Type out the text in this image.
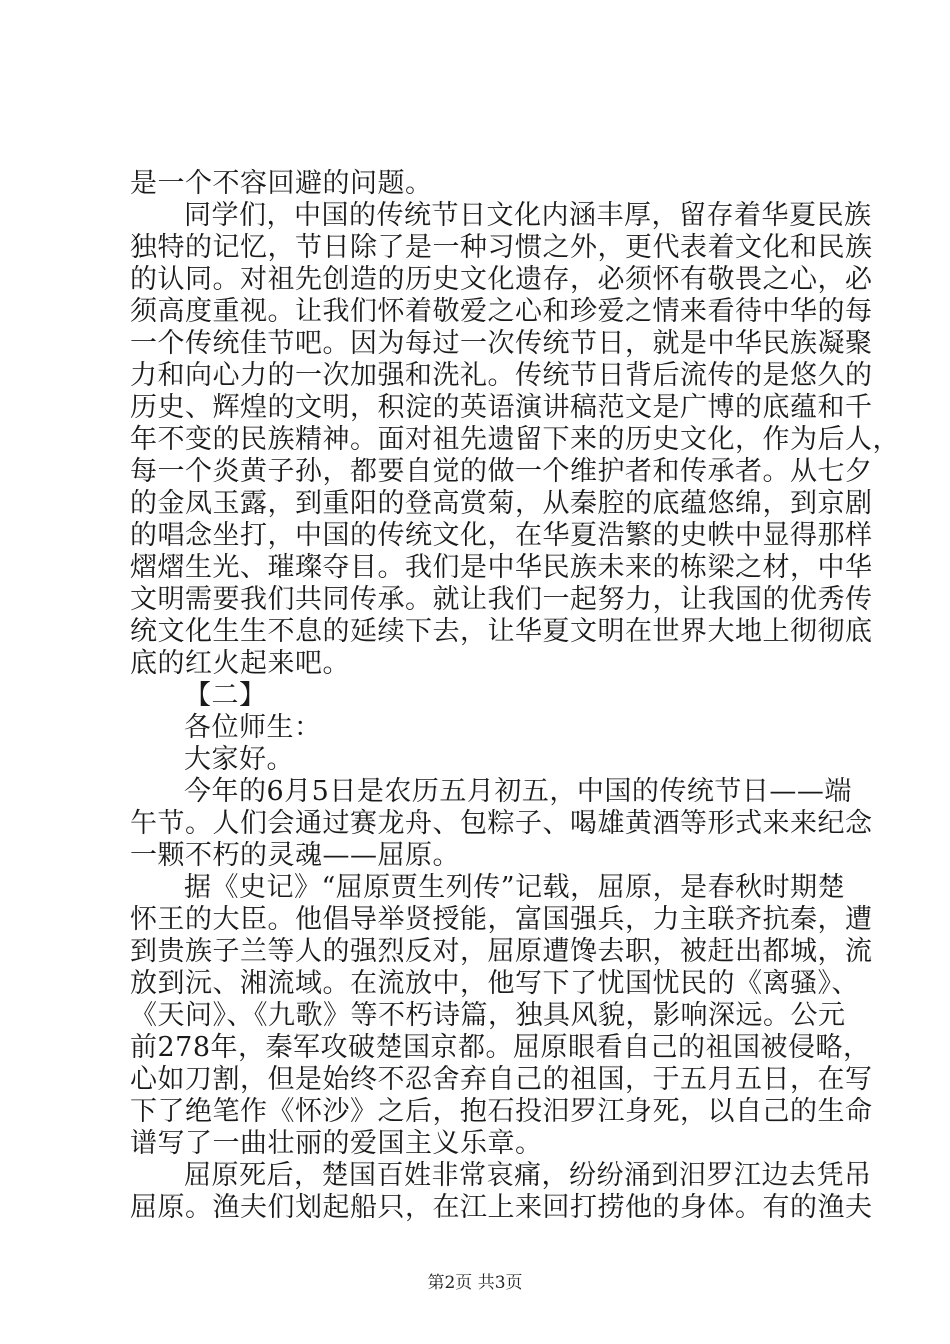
是一个不容回避的问题。
同学们，中国的传统节日文化内涵丰厚，留存着华夏民族
独特的记忆，节日除了是一种习惯之外，更代表着文化和民族
的认同。对祖先创造的历史文化遗存，必须怀有敬畏之心，必
须高度重视。让我们怀着敬爱之心和珍爱之情来看待中华的每
一个传统佳节吧。因为每过一次传统节日，就是中华民族凝聚
力和向心力的一次加强和洗礼。传统节日背后流传的是悠久的
历史、辉煌的文明，积淀的英语演讲稿范文是广博的底蕴和千
年不变的民族精神。面对祖先遗留下来的历史文化，作为后人，
每一个炎黄子孙，都要自觉的做一个维护者和传承者。从七夕
的金凤玉露，到重阳的登高赏菊，从秦腔的底蕴悠绵，到京剧
的唱念坐打，中国的传统文化，在华夏浩繁的史帙中显得那样
熠熠生光、璀璨夺目。我们是中华民族未来的栋梁之材，中华
文明需要我们共同传承。就让我们一起努力，让我国的优秀传
统文化生生不息的延续下去，让华夏文明在世界大地上彻彻底
底的红火起来吧。
【二】
各位师生：
大家好。
今年的6月5日是农历五月初五，中国的传统节日——端
午节。人们会通过赛龙舟、包粽子、喝雄黄酒等形式来来纪念
一颗不朽的灵魂——屈原。
据《史记》“屈原贾生列传”记载，屈原，是春秋时期楚
怀王的大臣。他倡导举贤授能，富国强兵，力主联齐抗秦，遭
到贵族子兰等人的强烈反对，屈原遭馋去职，被赶出都城，流
放到沅、湘流域。在流放中，他写下了忧国忧民的《离骚》、
《天问》、《九歌》等不朽诗篇，独具风貌，影响深远。公元
前278年，秦军攻破楚国京都。屈原眼看自己的祖国被侵略，
心如刀割，但是始终不忍舍弃自己的祖国，于五月五日，在写
下了绝笔作《怀沙》之后，抱石投汨罗江身死，以自己的生命
谱写了一曲壮丽的爱国主义乐章。
屈原死后，楚国百姓非常哀痛，纷纷涌到汨罗江边去凭吊
屈原。渔夫们划起船只，在江上来回打捞他的身体。有的渔夫
第2页 共3页
